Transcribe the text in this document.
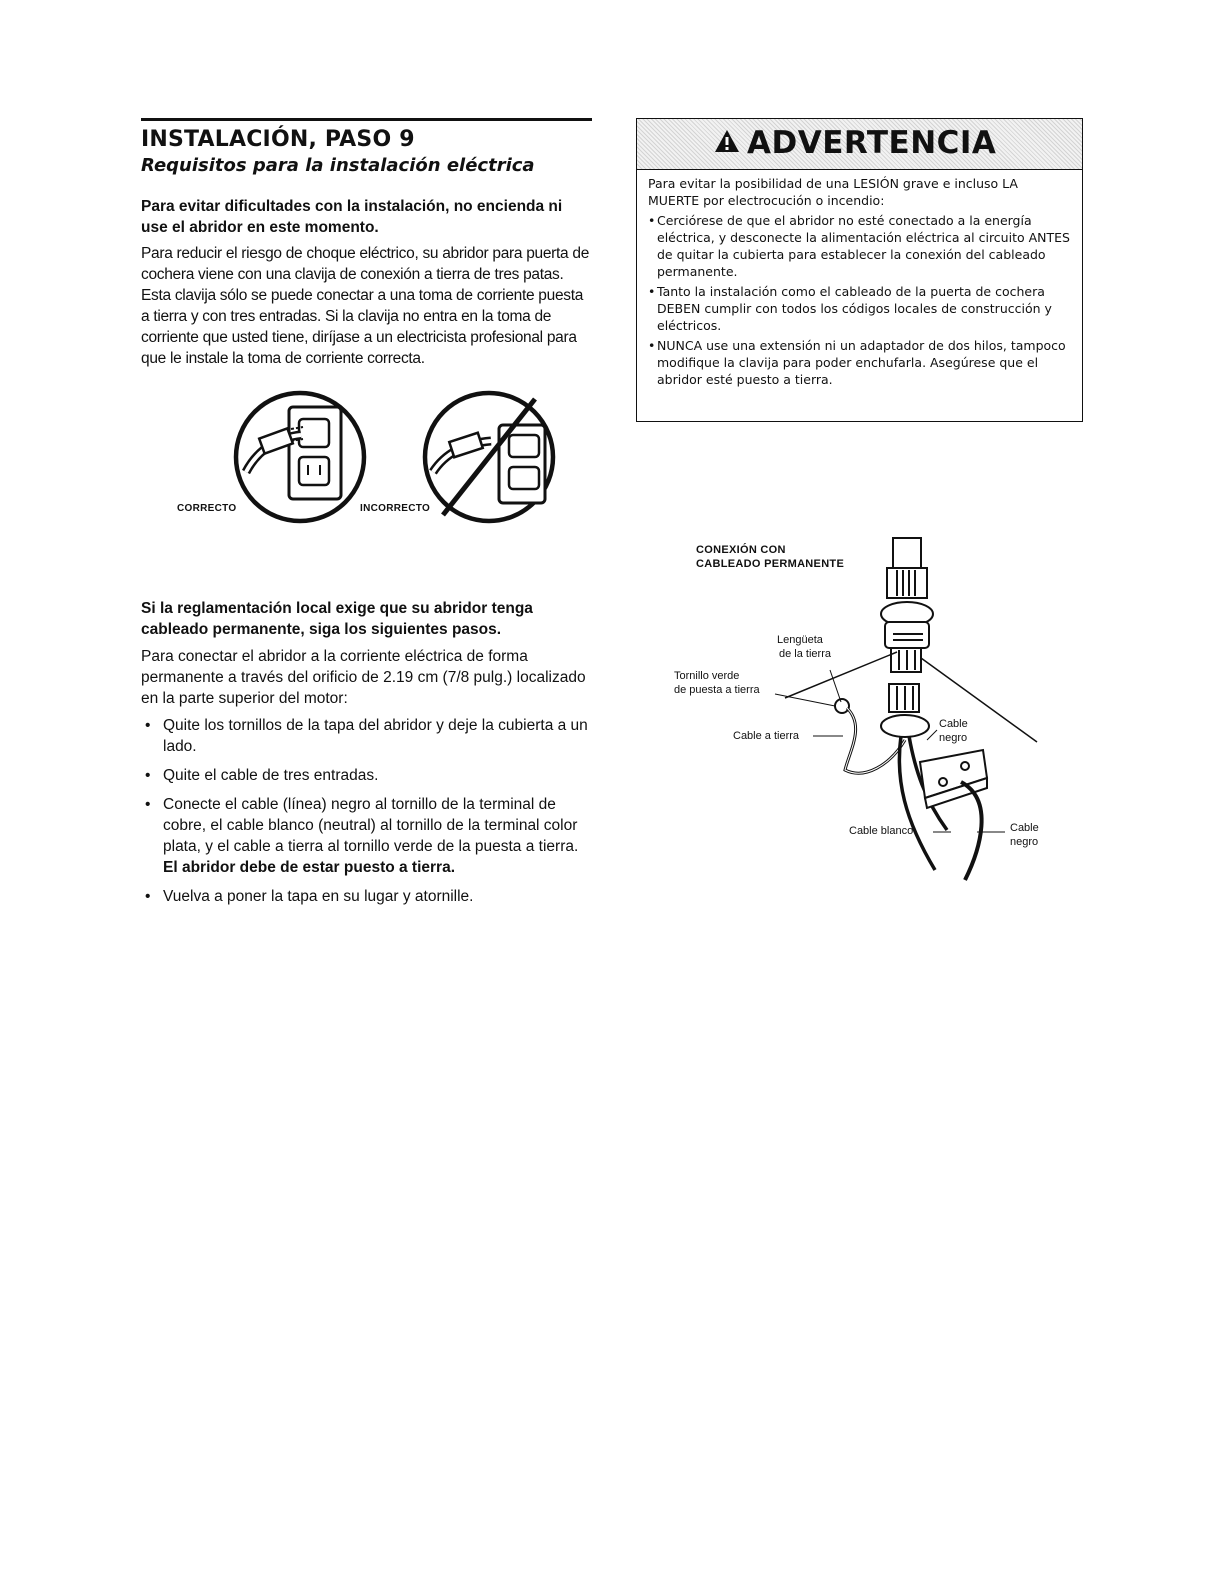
INSTALACIÓN, PASO 9
Requisitos para la instalación eléctrica

Para evitar dificultades con la instalación, no encienda ni use el abridor en este momento.

Para reducir el riesgo de choque eléctrico, su abridor para puerta de cochera viene con una clavija de conexión a tierra de tres patas. Esta clavija sólo se puede conectar a una toma de corriente puesta a tierra y con tres entradas. Si la clavija no entra en la toma de corriente que usted tiene, diríjase a un electricista profesional para que le instale la toma de corriente correcta.

CORRECTO	INCORRECTO

Si la reglamentación local exige que su abridor tenga cableado permanente, siga los siguientes pasos.

Para conectar el abridor a la corriente eléctrica de forma permanente a través del orificio de 2.19 cm (7/8 pulg.) localizado en la parte superior del motor:

• Quite los tornillos de la tapa del abridor y deje la cubierta a un lado.
• Quite el cable de tres entradas.
• Conecte el cable (línea) negro al tornillo de la terminal de cobre, el cable blanco (neutral) al tornillo de la terminal color plata, y el cable a tierra al tornillo verde de la puesta a tierra. El abridor debe de estar puesto a tierra.
• Vuelva a poner la tapa en su lugar y atornille.
ADVERTENCIA

Para evitar la posibilidad de una LESIÓN grave e incluso LA MUERTE por electrocución o incendio:

• Cerciórese de que el abridor no esté conectado a la energía eléctrica, y desconecte la alimentación eléctrica al circuito ANTES de quitar la cubierta para establecer la conexión del cableado permanente.
• Tanto la instalación como el cableado de la puerta de cochera DEBEN cumplir con todos los códigos locales de construcción y eléctricos.
• NUNCA use una extensión ni un adaptador de dos hilos, tampoco modifique la clavija para poder enchufarla. Asegúrese que el abridor esté puesto a tierra.
CONEXIÓN CON
CABLEADO PERMANENTE
Lengüeta
de la tierra
Tornillo verde
de puesta a tierra
Cable a tierra
Cable
negro
Cable blanco	Cable
negro
